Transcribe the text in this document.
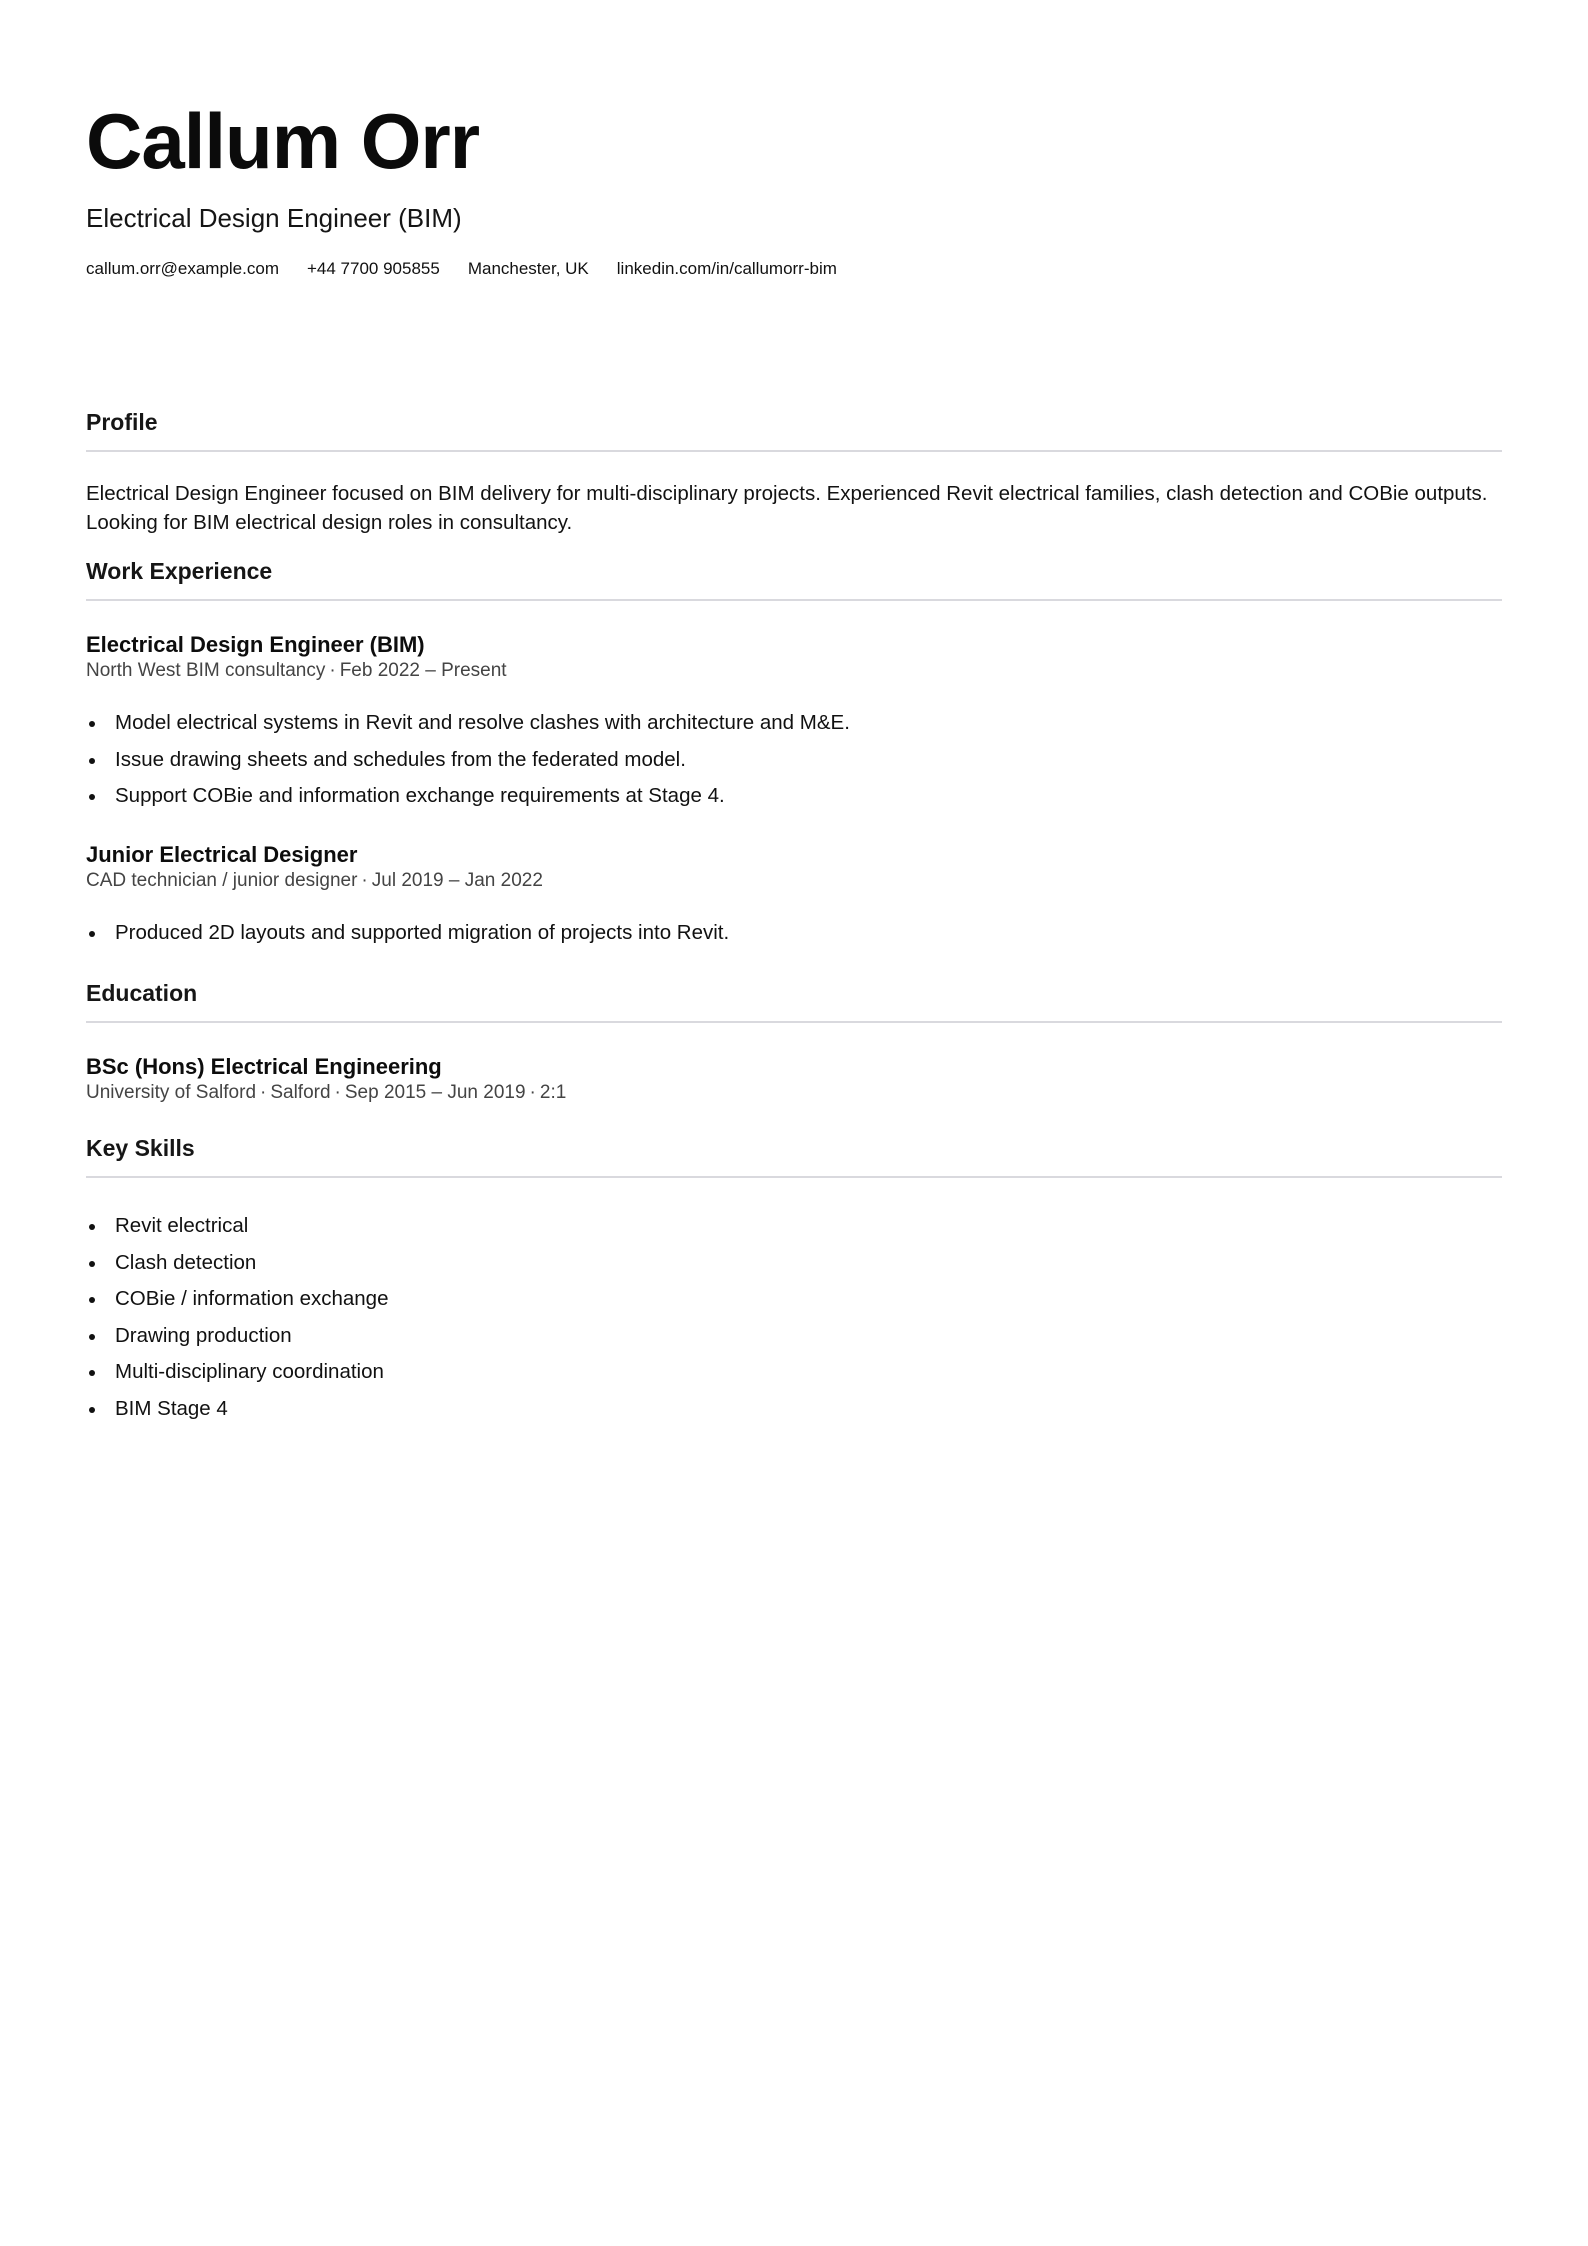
Callum Orr
Electrical Design Engineer (BIM)
callum.orr@example.com +44 7700 905855 Manchester, UK linkedin.com/in/callumorr-bim
Profile

Electrical Design Engineer focused on BIM delivery for multi-disciplinary projects. Experienced Revit electrical families, clash detection and COBie outputs. Looking for BIM electrical design roles in consultancy.

Work Experience
Electrical Design Engineer (BIM)
North West BIM consultancy · Feb 2022 – Present
Model electrical systems in Revit and resolve clashes with architecture and M&E.
Issue drawing sheets and schedules from the federated model.
Support COBie and information exchange requirements at Stage 4.
Junior Electrical Designer
CAD technician / junior designer · Jul 2019 – Jan 2022
Produced 2D layouts and supported migration of projects into Revit.
Education
BSc (Hons) Electrical Engineering
University of Salford · Salford · Sep 2015 – Jun 2019 · 2:1
Key Skills
Revit electrical
Clash detection
COBie / information exchange
Drawing production
Multi-disciplinary coordination
BIM Stage 4
